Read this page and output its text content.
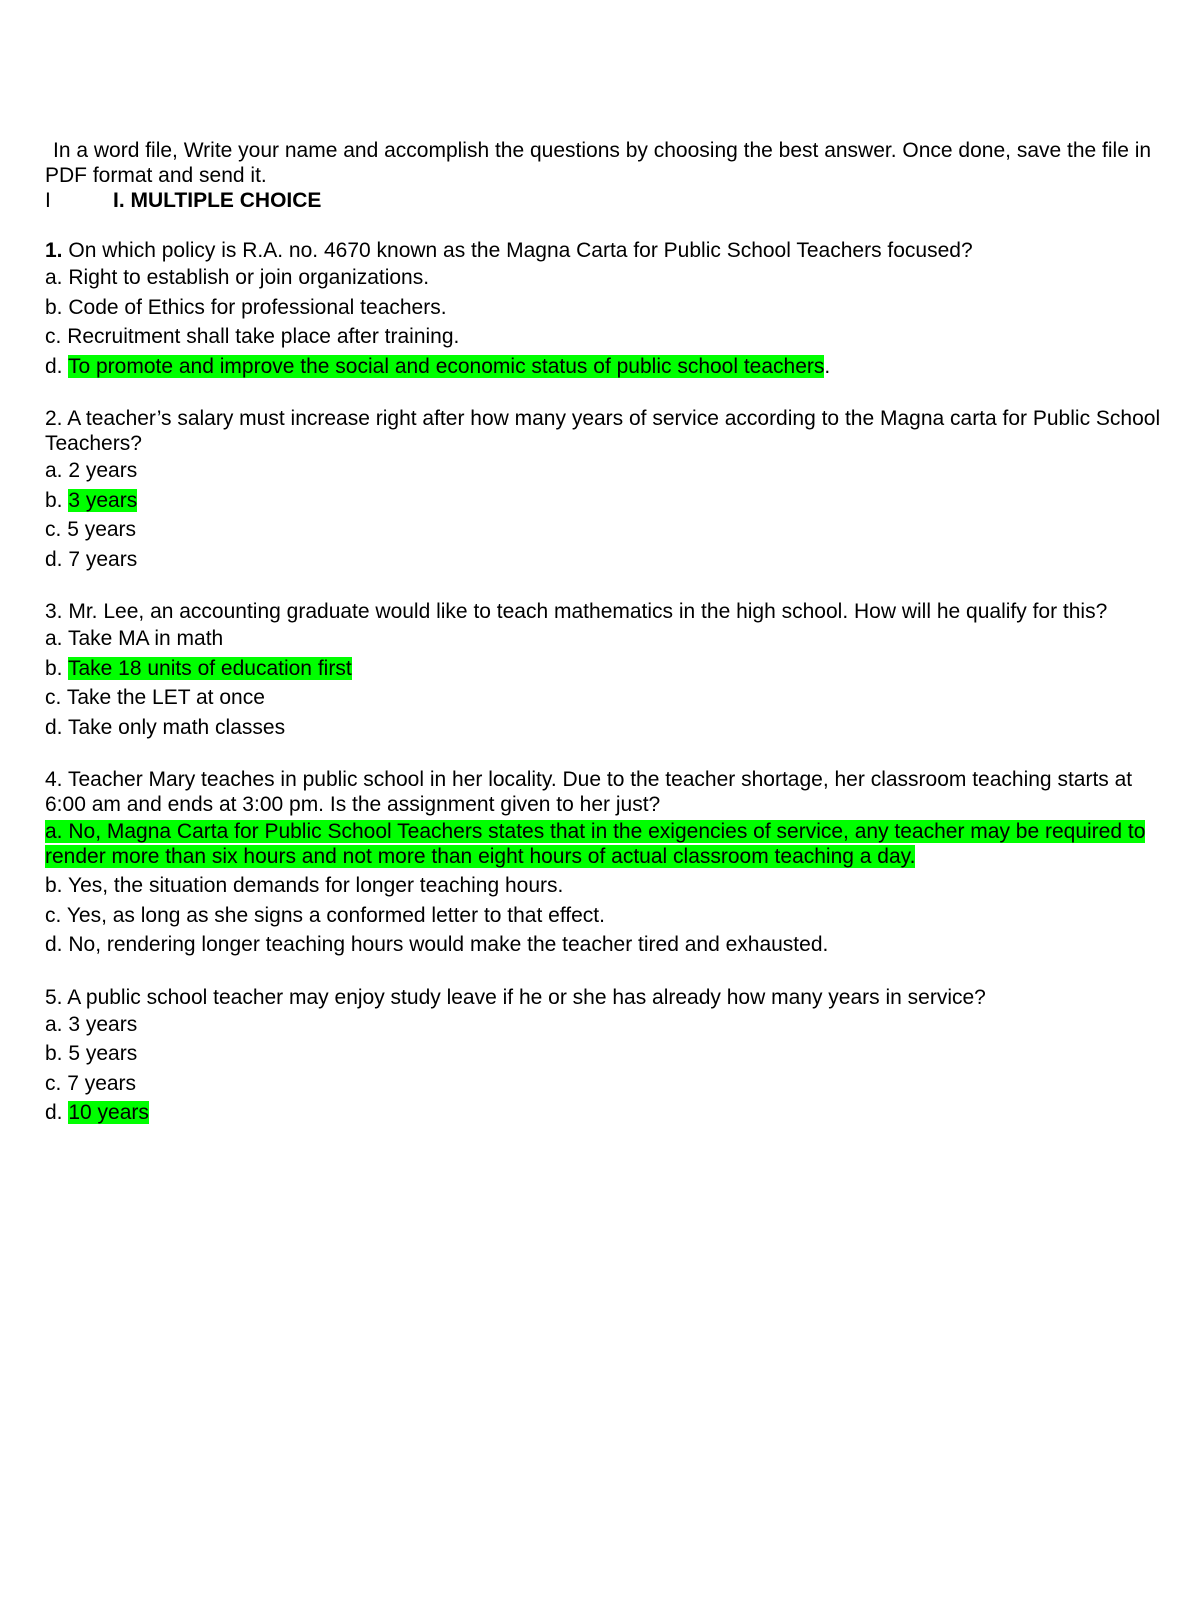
In a word file, Write your name and accomplish the questions by choosing the best answer. Once done, save the file in PDF format and send it.

I	I. MULTIPLE CHOICE

1. On which policy is R.A. no. 4670 known as the Magna Carta for Public School Teachers focused?

a. Right to establish or join organizations.

b. Code of Ethics for professional teachers.

c. Recruitment shall take place after training.

d. To promote and improve the social and economic status of public school teachers.

2. A teacher’s salary must increase right after how many years of service according to the Magna carta for Public School Teachers?

a. 2 years

b. 3 years

c. 5 years

d. 7 years

3. Mr. Lee, an accounting graduate would like to teach mathematics in the high school. How will he qualify for this?

a. Take MA in math

b. Take 18 units of education first

c. Take the LET at once

d. Take only math classes

4. Teacher Mary teaches in public school in her locality. Due to the teacher shortage, her classroom teaching starts at 6:00 am and ends at 3:00 pm. Is the assignment given to her just?

a. No, Magna Carta for Public School Teachers states that in the exigencies of service, any teacher may be required to render more than six hours and not more than eight hours of actual classroom teaching a day.

b. Yes, the situation demands for longer teaching hours.

c. Yes, as long as she signs a conformed letter to that effect.

d. No, rendering longer teaching hours would make the teacher tired and exhausted.

5. A public school teacher may enjoy study leave if he or she has already how many years in service?

a. 3 years

b. 5 years

c. 7 years

d. 10 years
